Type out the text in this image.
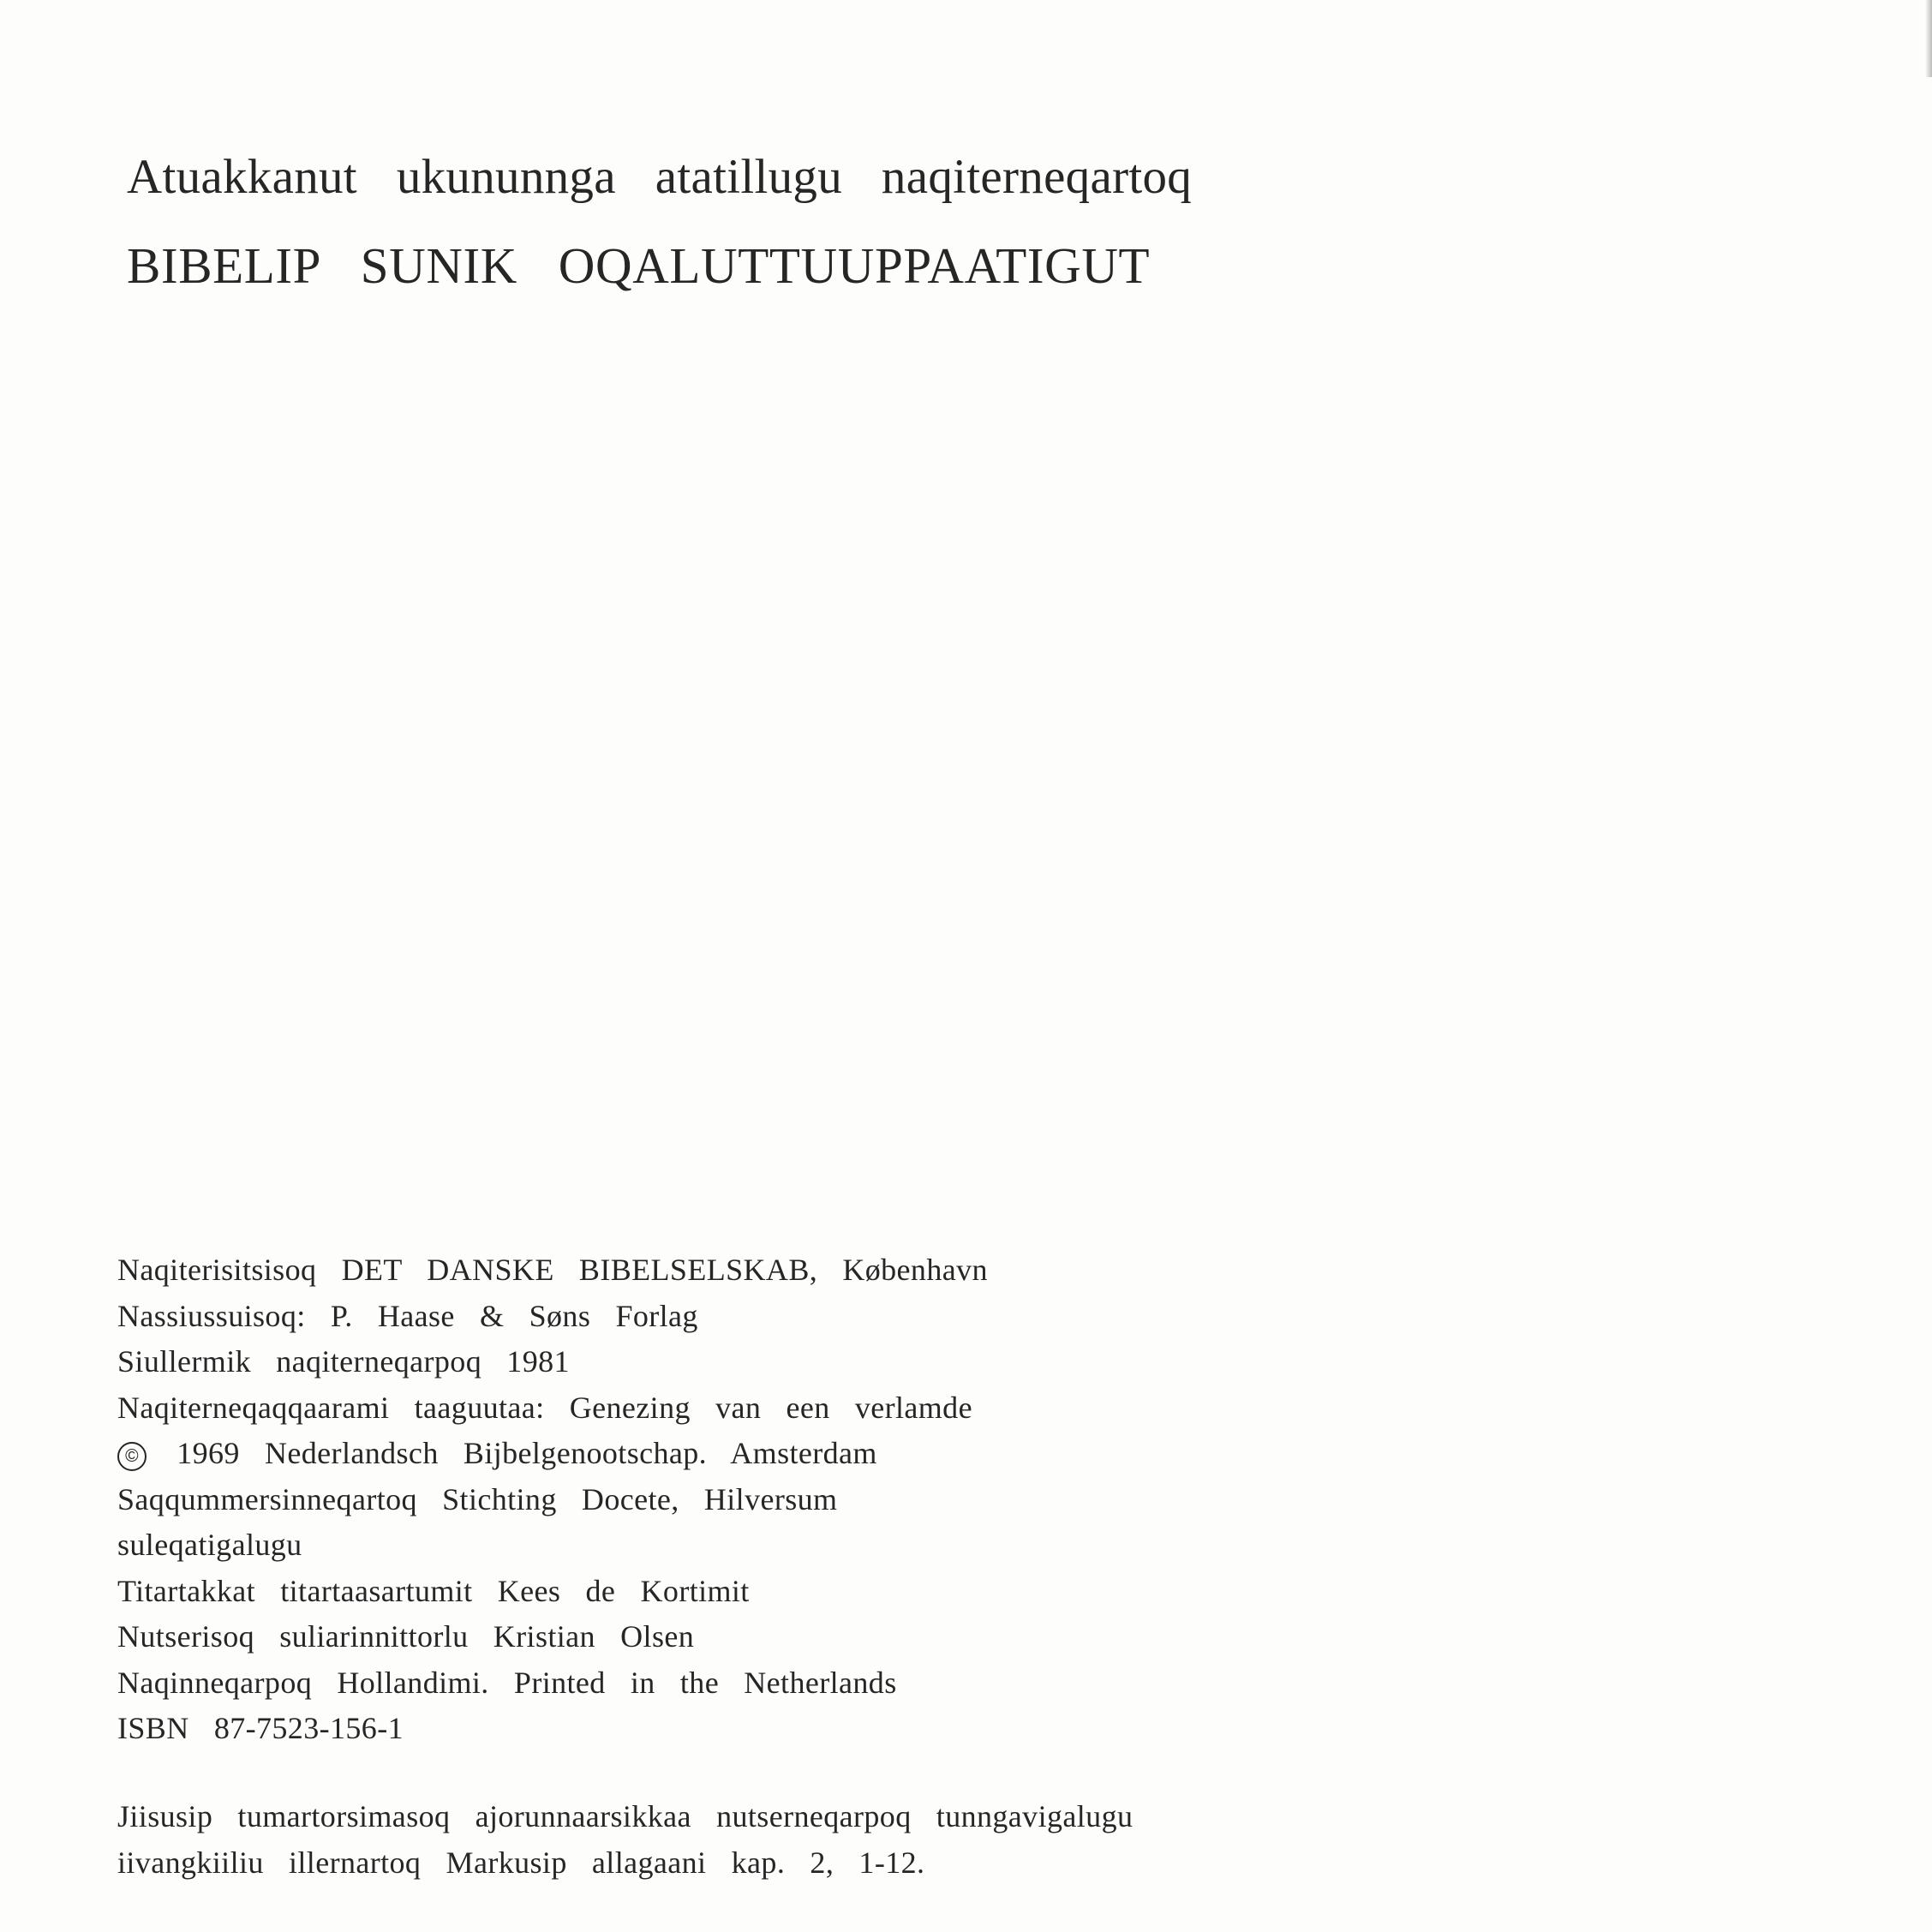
Atuakkanut ukununnga atatillugu naqiterneqartoq
BIBELIP SUNIK OQALUTTUUPPAATIGUT
Naqiterisitsisoq DET DANSKE BIBELSELSKAB, København
Nassiussuisoq: P. Haase & Søns Forlag
Siullermik naqiterneqarpoq 1981
Naqiterneqaqqaarami taaguutaa: Genezing van een verlamde
© 1969 Nederlandsch Bijbelgenootschap. Amsterdam
Saqqummersinneqartoq Stichting Docete, Hilversum
suleqatigalugu
Titartakkat titartaasartumit Kees de Kortimit
Nutserisoq suliarinnittorlu Kristian Olsen
Naqinneqarpoq Hollandimi. Printed in the Netherlands
ISBN 87-7523-156-1
Jiisusip tumartorsimasoq ajorunnaarsikkaa nutserneqarpoq tunngavigalugu
iivangkiiliu illernartoq Markusip allagaani kap. 2, 1-12.
